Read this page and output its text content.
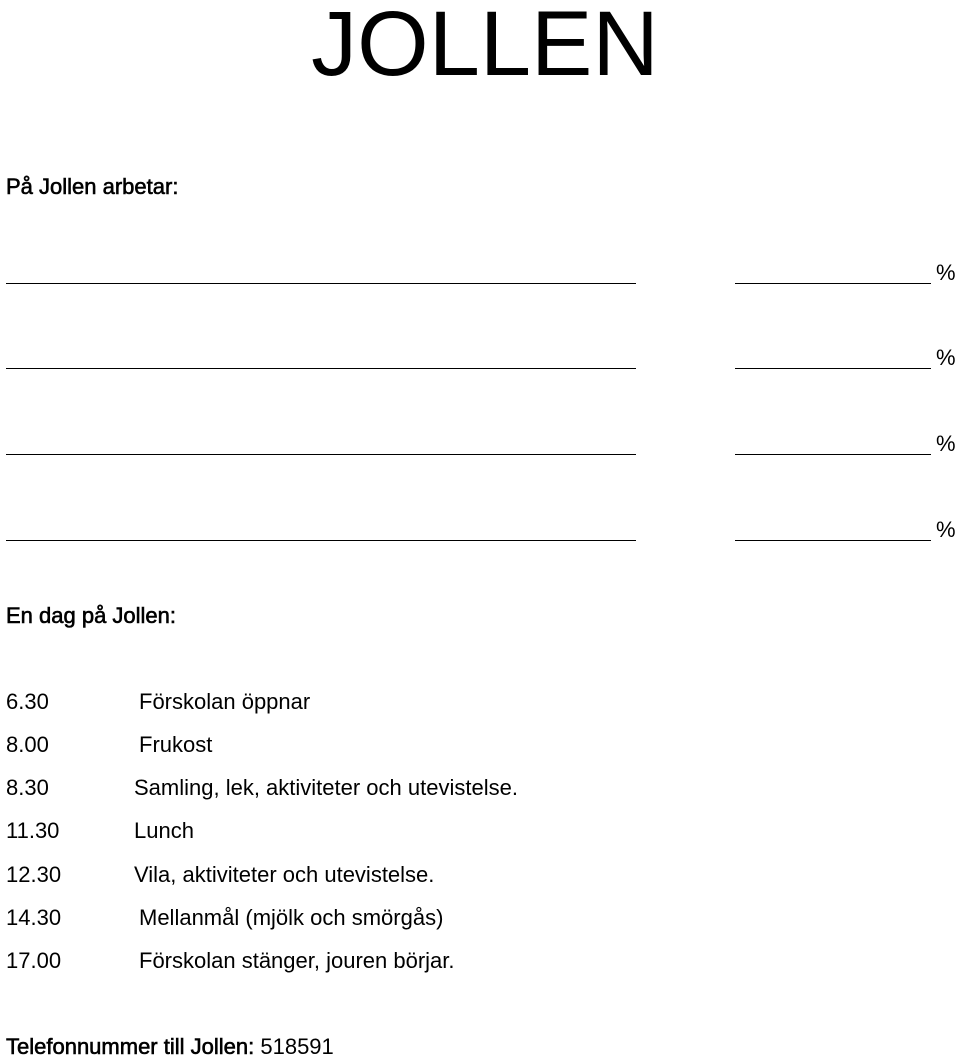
JOLLEN
På Jollen arbetar:
%
%
%
%
En dag på Jollen:
6.30	Förskolan öppnar
8.00	Frukost
8.30	Samling, lek, aktiviteter och utevistelse.
11.30	Lunch
12.30	Vila, aktiviteter och utevistelse.
14.30	Mellanmål (mjölk och smörgås)
17.00	Förskolan stänger, jouren börjar.
Telefonnummer till Jollen: 518591
